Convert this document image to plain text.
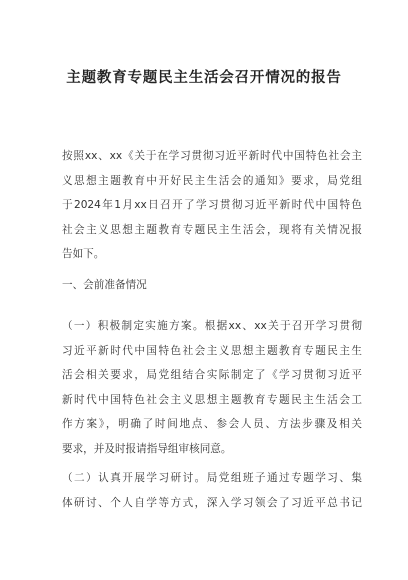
主题教育专题民主生活会召开情况的报告
按照xx、xx《关于在学习贯彻习近平新时代中国特色社会主
义思想主题教育中开好民主生活会的通知》要求，局党组
于2024年1月xx日召开了学习贯彻习近平新时代中国特色
社会主义思想主题教育专题民主生活会，现将有关情况报
告如下。
一、会前准备情况
（一）积极制定实施方案。根据xx、xx关于召开学习贯彻
习近平新时代中国特色社会主义思想主题教育专题民主生
活会相关要求，局党组结合实际制定了《学习贯彻习近平
新时代中国特色社会主义思想主题教育专题民主生活会工
作方案》，明确了时间地点、参会人员、方法步骤及相关
要求，并及时报请指导组审核同意。
（二）认真开展学习研讨。局党组班子通过专题学习、集
体研讨、个人自学等方式，深入学习领会了习近平总书记
